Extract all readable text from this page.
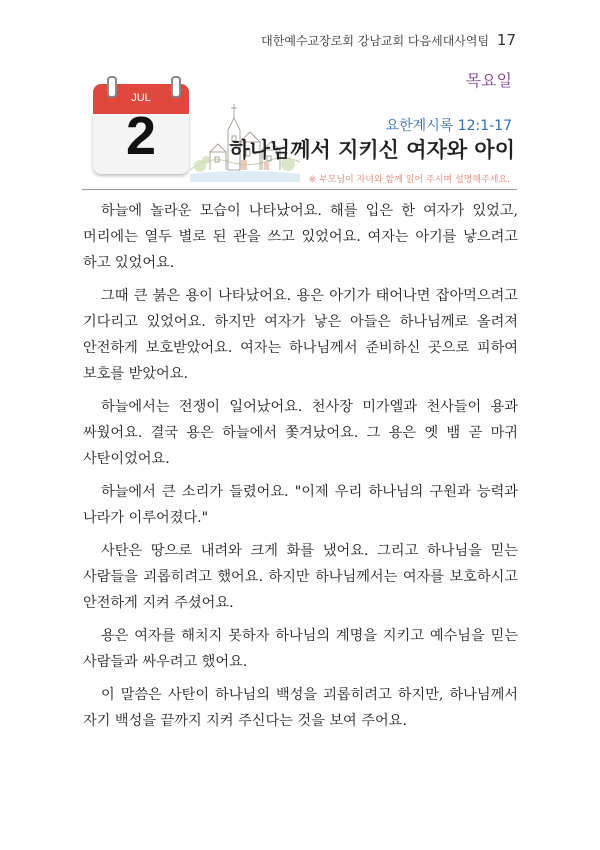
대한예수교장로회 강남교회 다음세대사역팀 17
목요일
JUL
2	요한계시록 12:1-17
하나님께서 지키신 여자와 아이
※ 부모님이 자녀와 함께 읽어 주시며 설명해주세요.

하늘에 놀라운 모습이 나타났어요. 해를 입은 한 여자가 있었고, 머리에는 열두 별로 된 관을 쓰고 있었어요. 여자는 아기를 낳으려고 하고 있었어요.

그때 큰 붉은 용이 나타났어요. 용은 아기가 태어나면 잡아먹으려고 기다리고 있었어요. 하지만 여자가 낳은 아들은 하나님께로 올려져 안전하게 보호받았어요. 여자는 하나님께서 준비하신 곳으로 피하여 보호를 받았어요.

하늘에서는 전쟁이 일어났어요. 천사장 미가엘과 천사들이 용과 싸웠어요. 결국 용은 하늘에서 쫓겨났어요. 그 용은 옛 뱀 곧 마귀 사탄이었어요.

하늘에서 큰 소리가 들렸어요. "이제 우리 하나님의 구원과 능력과 나라가 이루어졌다."

사탄은 땅으로 내려와 크게 화를 냈어요. 그리고 하나님을 믿는 사람들을 괴롭히려고 했어요. 하지만 하나님께서는 여자를 보호하시고 안전하게 지켜 주셨어요.

용은 여자를 해치지 못하자 하나님의 계명을 지키고 예수님을 믿는 사람들과 싸우려고 했어요.

이 말씀은 사탄이 하나님의 백성을 괴롭히려고 하지만, 하나님께서 자기 백성을 끝까지 지켜 주신다는 것을 보여 주어요.
